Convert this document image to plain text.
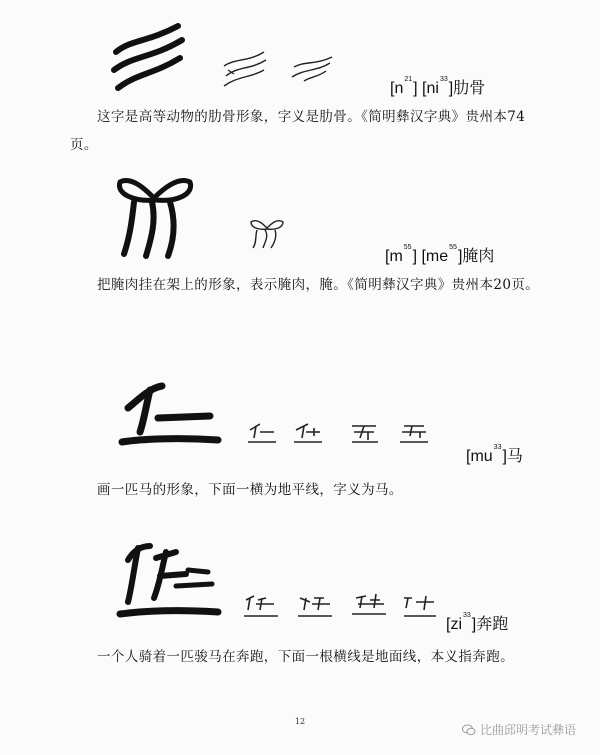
$[n^{21}]$ $[ni^{33}]$肋骨
这字是高等动物的肋骨形象，字义是肋骨。《简明彝汉字典》贵州本74页。
$[m^{55}]$ $[me^{55}]$腌肉
把腌肉挂在架上的形象，表示腌肉，腌。《简明彝汉字典》贵州本20页。
$[mu^{33}]$马
画一匹马的形象，下面一横为地平线，字义为马。
$[zi^{33}]$奔跑
一个人骑着一匹骏马在奔跑，下面一根横线是地面线，本义指奔跑。
12
比曲邱明考试彝语
